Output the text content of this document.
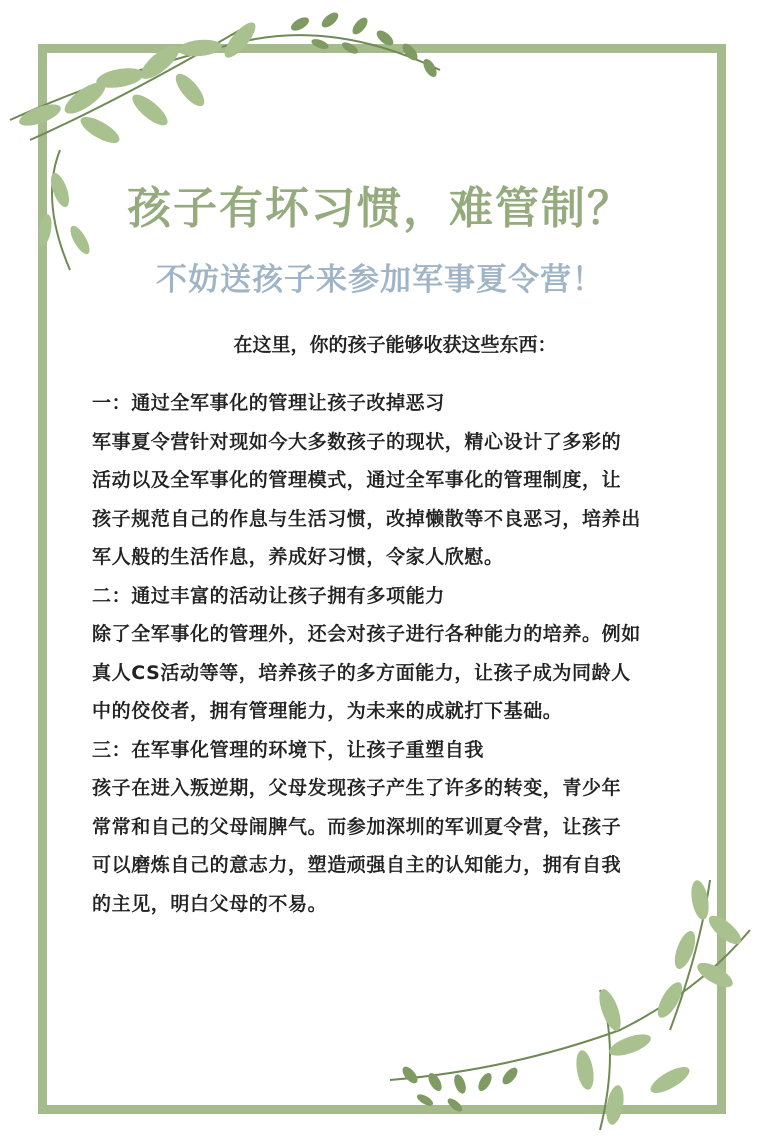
孩子有坏习惯，难管制？
不妨送孩子来参加军事夏令营！
在这里，你的孩子能够收获这些东西：

一：通过全军事化的管理让孩子改掉恶习

军事夏令营针对现如今大多数孩子的现状，精心设计了多彩的

活动以及全军事化的管理模式，通过全军事化的管理制度，让

孩子规范自己的作息与生活习惯，改掉懒散等不良恶习，培养出

军人般的生活作息，养成好习惯，令家人欣慰。

二：通过丰富的活动让孩子拥有多项能力

除了全军事化的管理外，还会对孩子进行各种能力的培养。例如

真人CS活动等等，培养孩子的多方面能力，让孩子成为同龄人

中的佼佼者，拥有管理能力，为未来的成就打下基础。

三：在军事化管理的环境下，让孩子重塑自我

孩子在进入叛逆期，父母发现孩子产生了许多的转变，青少年

常常和自己的父母闹脾气。而参加深圳的军训夏令营，让孩子

可以磨炼自己的意志力，塑造顽强自主的认知能力，拥有自我

的主见，明白父母的不易。
